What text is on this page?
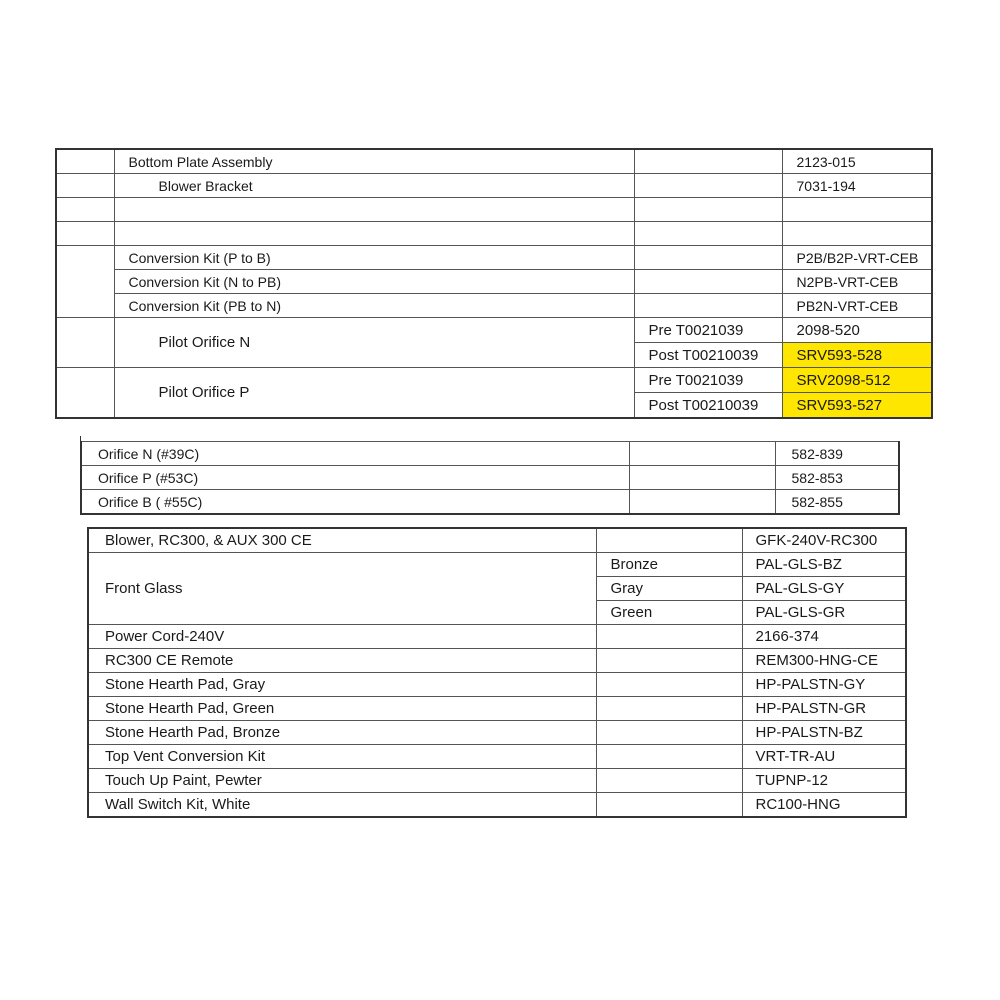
	Bottom Plate Assembly		2123-015
	Blower Bracket		7031-194

	Conversion Kit (P to B)		P2B/B2P-VRT-CEB
	Conversion Kit (N to PB)		N2PB-VRT-CEB
	Conversion Kit (PB to N)		PB2N-VRT-CEB
	Pilot Orifice N	Pre T0021039	2098-520
		Post T00210039	SRV593-528
	Pilot Orifice P	Pre T0021039	SRV2098-512
		Post T00210039	SRV593-527
Orifice N (#39C)		582-839
Orifice P (#53C)		582-853
Orifice B ( #55C)		582-855
Blower, RC300, & AUX 300 CE		GFK-240V-RC300
Front Glass	Bronze	PAL-GLS-BZ
	Gray	PAL-GLS-GY
	Green	PAL-GLS-GR
Power Cord-240V		2166-374
RC300 CE Remote		REM300-HNG-CE
Stone Hearth Pad, Gray		HP-PALSTN-GY
Stone Hearth Pad, Green		HP-PALSTN-GR
Stone Hearth Pad, Bronze		HP-PALSTN-BZ
Top Vent Conversion Kit		VRT-TR-AU
Touch Up Paint, Pewter		TUPNP-12
Wall Switch Kit, White		RC100-HNG
